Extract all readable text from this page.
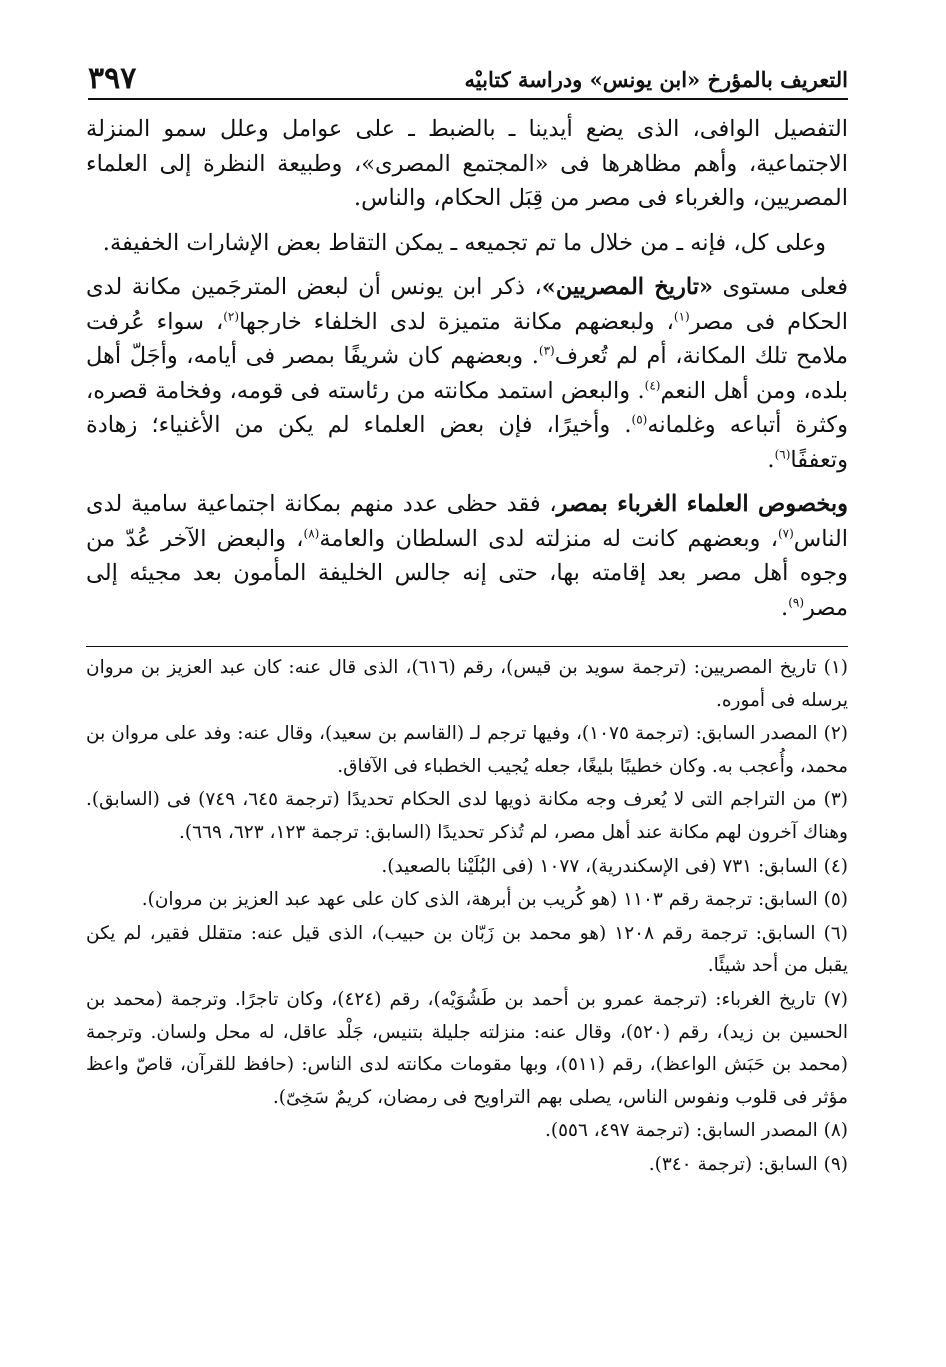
٣٩٧	التعريف بالمؤرخ «ابن يونس» ودراسة كتابيْه

التفصيل الوافى، الذى يضع أيدينا ـ بالضبط ـ على عوامل وعلل سمو المنزلة الاجتماعية، وأهم مظاهرها فى «المجتمع المصرى»، وطبيعة النظرة إلى العلماء المصريين، والغرباء فى مصر من قِبَل الحكام، والناس.

وعلى كل، فإنه ـ من خلال ما تم تجميعه ـ يمكن التقاط بعض الإشارات الخفيفة.

فعلى مستوى «تاريخ المصريين»، ذكر ابن يونس أن لبعض المترجَمين مكانة لدى الحكام فى مصر$^{(١)}$، ولبعضهم مكانة متميزة لدى الخلفاء خارجها$^{(٢)}$، سواء عُرفت ملامح تلك المكانة، أم لم تُعرف$^{(٣)}$. وبعضهم كان شريفًا بمصر فى أيامه، وأجَلّ أهل بلده، ومن أهل النعم$^{(٤)}$. والبعض استمد مكانته من رئاسته فى قومه، وفخامة قصره، وكثرة أتباعه وغلمانه$^{(٥)}$. وأخيرًا، فإن بعض العلماء لم يكن من الأغنياء؛ زهادة وتعففًا$^{(٦)}$.

وبخصوص العلماء الغرباء بمصر، فقد حظى عدد منهم بمكانة اجتماعية سامية لدى الناس$^{(٧)}$، وبعضهم كانت له منزلته لدى السلطان والعامة$^{(٨)}$، والبعض الآخر عُدّ من وجوه أهل مصر بعد إقامته بها، حتى إنه جالس الخليفة المأمون بعد مجيئه إلى مصر$^{(٩)}$.

(١) تاريخ المصريين: (ترجمة سويد بن قيس)، رقم (٦١٦)، الذى قال عنه: كان عبد العزيز بن مروان يرسله فى أموره.
(٢) المصدر السابق: (ترجمة ١٠٧٥)، وفيها ترجم لـ (القاسم بن سعيد)، وقال عنه: وفد على مروان بن محمد، وأُعجب به. وكان خطيبًا بليغًا، جعله يُجيب الخطباء فى الآفاق.
(٣) من التراجم التى لا يُعرف وجه مكانة ذويها لدى الحكام تحديدًا (ترجمة ٦٤٥، ٧٤٩) فى (السابق). وهناك آخرون لهم مكانة عند أهل مصر، لم تُذكر تحديدًا (السابق: ترجمة ١٢٣، ٦٢٣، ٦٦٩).
(٤) السابق: ٧٣١ (فى الإسكندرية)، ١٠٧٧ (فى البُلَيْنا بالصعيد).
(٥) السابق: ترجمة رقم ١١٠٣ (هو كُريب بن أبرهة، الذى كان على عهد عبد العزيز بن مروان).
(٦) السابق: ترجمة رقم ١٢٠٨ (هو محمد بن زَبّان بن حبيب)، الذى قيل عنه: متقلل فقير، لم يكن يقبل من أحد شيئًا.
(٧) تاريخ الغرباء: (ترجمة عمرو بن أحمد بن طَشُوَيْه)، رقم (٤٢٤)، وكان تاجرًا. وترجمة (محمد بن الحسين بن زيد)، رقم (٥٢٠)، وقال عنه: منزلته جليلة بتنيس، جَلْد عاقل، له محل ولسان. وترجمة (محمد بن حَبَش الواعظ)، رقم (٥١١)، وبها مقومات مكانته لدى الناس: (حافظ للقرآن، قاصّ واعظ مؤثر فى قلوب ونفوس الناس، يصلى بهم التراويح فى رمضان، كريمٌ سَخِىّ).
(٨) المصدر السابق: (ترجمة ٤٩٧، ٥٥٦).
(٩) السابق: (ترجمة ٣٤٠).
